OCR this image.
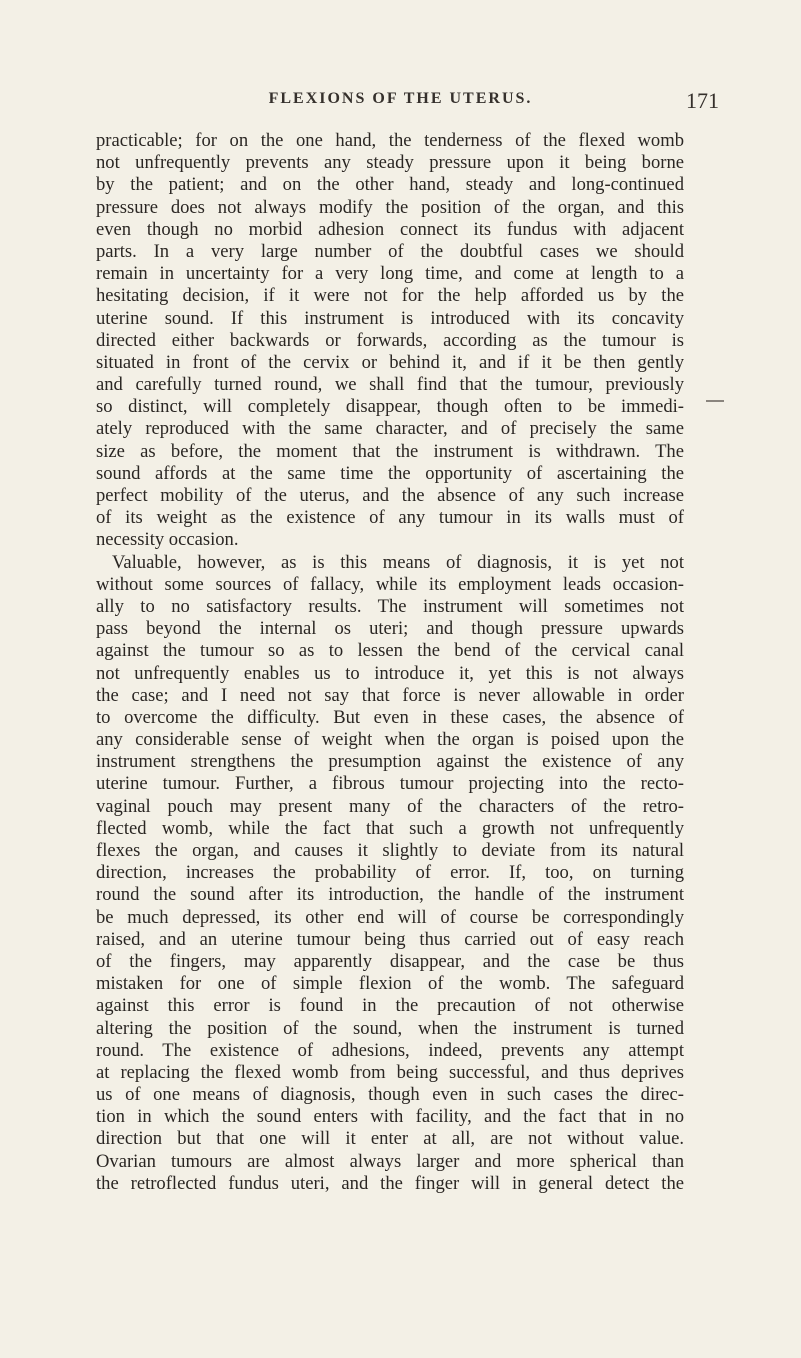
FLEXIONS OF THE UTERUS.	171
practicable; for on the one hand, the tenderness of the flexed womb
not unfrequently prevents any steady pressure upon it being borne
by the patient; and on the other hand, steady and long-continued
pressure does not always modify the position of the organ, and this
even though no morbid adhesion connect its fundus with adjacent
parts. In a very large number of the doubtful cases we should
remain in uncertainty for a very long time, and come at length to a
hesitating decision, if it were not for the help afforded us by the
uterine sound. If this instrument is introduced with its concavity
directed either backwards or forwards, according as the tumour is
situated in front of the cervix or behind it, and if it be then gently
and carefully turned round, we shall find that the tumour, previously
so distinct, will completely disappear, though often to be immedi-
ately reproduced with the same character, and of precisely the same
size as before, the moment that the instrument is withdrawn. The
sound affords at the same time the opportunity of ascertaining the
perfect mobility of the uterus, and the absence of any such increase
of its weight as the existence of any tumour in its walls must of
necessity occasion.
Valuable, however, as is this means of diagnosis, it is yet not
without some sources of fallacy, while its employment leads occasion-
ally to no satisfactory results. The instrument will sometimes not
pass beyond the internal os uteri; and though pressure upwards
against the tumour so as to lessen the bend of the cervical canal
not unfrequently enables us to introduce it, yet this is not always
the case; and I need not say that force is never allowable in order
to overcome the difficulty. But even in these cases, the absence of
any considerable sense of weight when the organ is poised upon the
instrument strengthens the presumption against the existence of any
uterine tumour. Further, a fibrous tumour projecting into the recto-
vaginal pouch may present many of the characters of the retro-
flected womb, while the fact that such a growth not unfrequently
flexes the organ, and causes it slightly to deviate from its natural
direction, increases the probability of error. If, too, on turning
round the sound after its introduction, the handle of the instrument
be much depressed, its other end will of course be correspondingly
raised, and an uterine tumour being thus carried out of easy reach
of the fingers, may apparently disappear, and the case be thus
mistaken for one of simple flexion of the womb. The safeguard
against this error is found in the precaution of not otherwise
altering the position of the sound, when the instrument is turned
round. The existence of adhesions, indeed, prevents any attempt
at replacing the flexed womb from being successful, and thus deprives
us of one means of diagnosis, though even in such cases the direc-
tion in which the sound enters with facility, and the fact that in no
direction but that one will it enter at all, are not without value.
Ovarian tumours are almost always larger and more spherical than
the retroflected fundus uteri, and the finger will in general detect the
